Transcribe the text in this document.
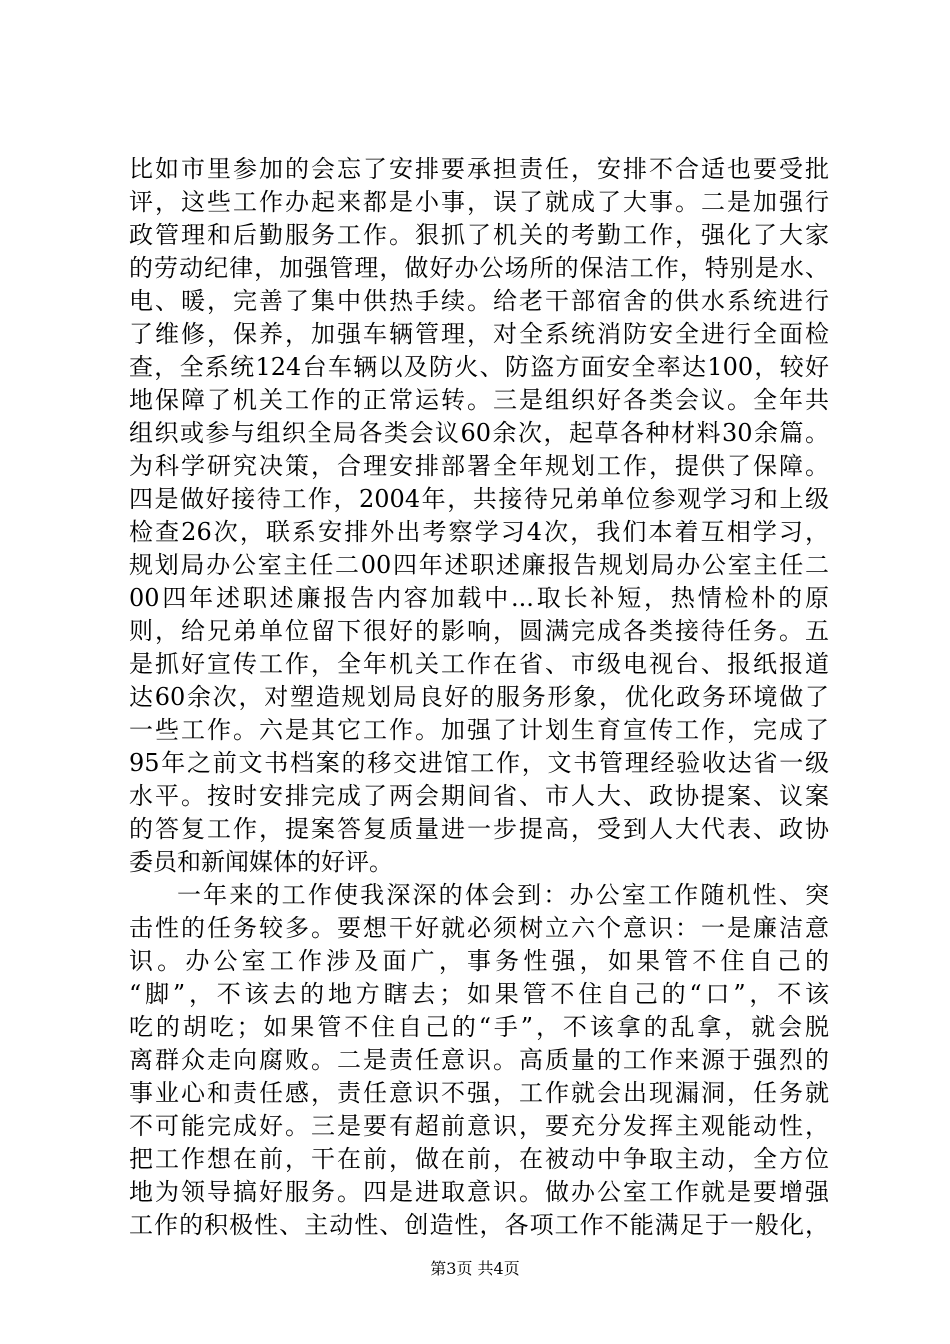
比如市里参加的会忘了安排要承担责任，安排不合适也要受批
评，这些工作办起来都是小事，误了就成了大事。二是加强行
政管理和后勤服务工作。狠抓了机关的考勤工作，强化了大家
的劳动纪律，加强管理，做好办公场所的保洁工作，特别是水、
电、暖，完善了集中供热手续。给老干部宿舍的供水系统进行
了维修，保养，加强车辆管理，对全系统消防安全进行全面检
查，全系统124台车辆以及防火、防盗方面安全率达100，较好
地保障了机关工作的正常运转。三是组织好各类会议。全年共
组织或参与组织全局各类会议60余次，起草各种材料30余篇。
为科学研究决策，合理安排部署全年规划工作，提供了保障。
四是做好接待工作，2004年，共接待兄弟单位参观学习和上级
检查26次，联系安排外出考察学习4次，我们本着互相学习，
规划局办公室主任二00四年述职述廉报告规划局办公室主任二
00四年述职述廉报告内容加载中...取长补短，热情检朴的原
则，给兄弟单位留下很好的影响，圆满完成各类接待任务。五
是抓好宣传工作，全年机关工作在省、市级电视台、报纸报道
达60余次，对塑造规划局良好的服务形象，优化政务环境做了
一些工作。六是其它工作。加强了计划生育宣传工作，完成了
95年之前文书档案的移交进馆工作，文书管理经验收达省一级
水平。按时安排完成了两会期间省、市人大、政协提案、议案
的答复工作，提案答复质量进一步提高，受到人大代表、政协
委员和新闻媒体的好评。
一年来的工作使我深深的体会到：办公室工作随机性、突
击性的任务较多。要想干好就必须树立六个意识：一是廉洁意
识。办公室工作涉及面广，事务性强，如果管不住自己的
“脚”，不该去的地方瞎去；如果管不住自己的“口”，不该
吃的胡吃；如果管不住自己的“手”，不该拿的乱拿，就会脱
离群众走向腐败。二是责任意识。高质量的工作来源于强烈的
事业心和责任感，责任意识不强，工作就会出现漏洞，任务就
不可能完成好。三是要有超前意识，要充分发挥主观能动性，
把工作想在前，干在前，做在前，在被动中争取主动，全方位
地为领导搞好服务。四是进取意识。做办公室工作就是要增强
工作的积极性、主动性、创造性，各项工作不能满足于一般化，
第3页 共4页
